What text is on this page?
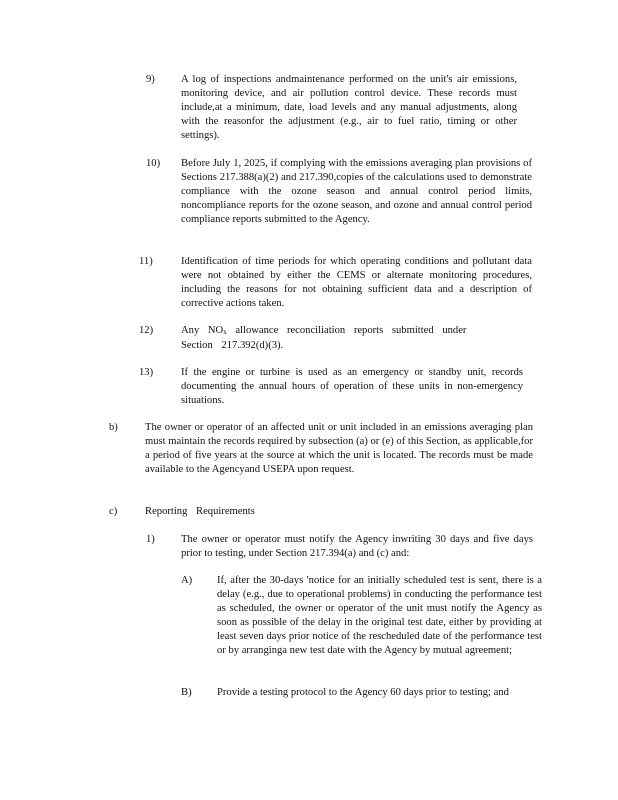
9) A log of inspections andmaintenance performed on the unit's air emissions, monitoring device, and air pollution control device. These records must include,at a minimum, date, load levels and any manual adjustments, along with the reasonfor the adjustment (e.g., air to fuel ratio, timing or other settings).
10) Before July 1, 2025, if complying with the emissions averaging plan provisions of Sections 217.388(a)(2) and 217.390,copies of the calculations used to demonstrate compliance with the ozone season and annual control period limits, noncompliance reports for the ozone season, and ozone and annual control period compliance reports submitted to the Agency.
11)	Identification of time periods for which operating conditions and pollutant data were not obtained by either the CEMS or alternate monitoring procedures, including the reasons for not obtaining sufficient data and a description of corrective actions taken.
12)	Any $NO_x$ allowance reconciliation reports submitted under Section 217.392(d)(3).
13)	If the engine or turbine is used as an emergency or standby unit, records documenting the annual hours of operation of these units in non-emergency situations.
b)	The owner or operator of an affected unit or unit included in an emissions averaging plan must maintain the records required by subsection (a) or (e) of this Section, as applicable,for a period of five years at the source at which the unit is located. The records must be made available to the Agencyand USEPA upon request.
c)	Reporting Requirements
1) The owner or operator must notify the Agency inwriting 30 days and five days prior to testing, under Section 217.394(a) and (c) and:
A) If, after the 30-days 'notice for an initially scheduled test is sent, there is a delay (e.g., due to operational problems) in conducting the performance test as scheduled, the owner or operator of the unit must notify the Agency as soon as possible of the delay in the original test date, either by providing at least seven days prior notice of the rescheduled date of the performance test or by arranginga new test date with the Agency by mutual agreement;
B) Provide a testing protocol to the Agency 60 days prior to testing; and
